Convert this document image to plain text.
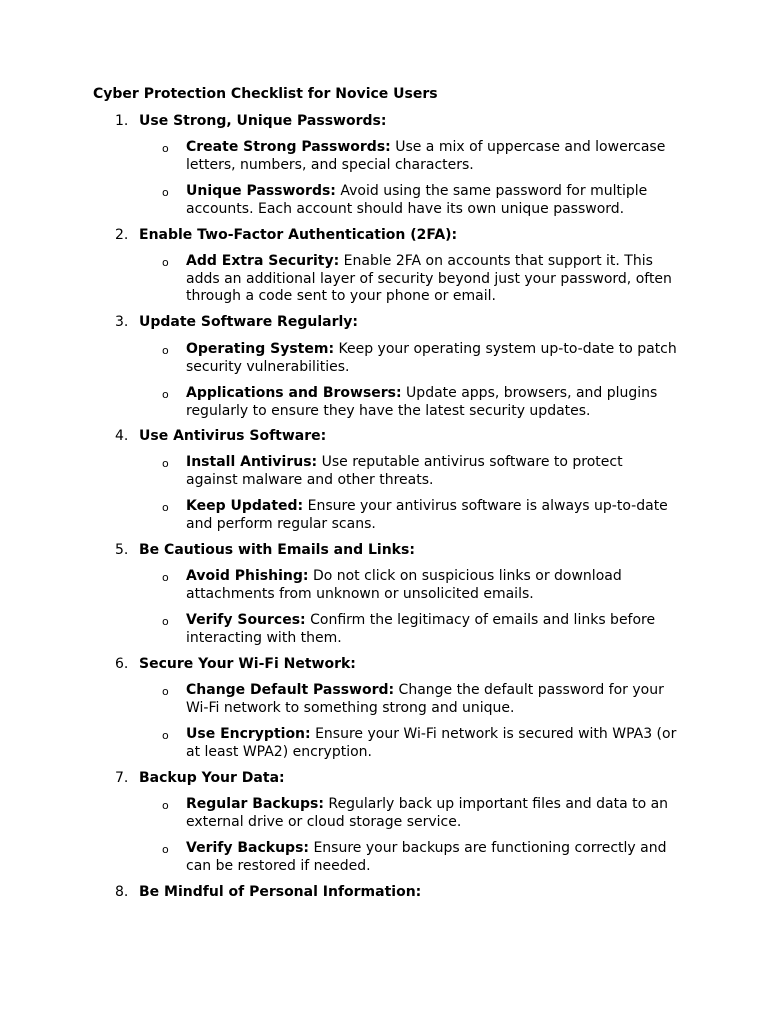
Cyber Protection Checklist for Novice Users
1. Use Strong, Unique Passwords:
o Create Strong Passwords: Use a mix of uppercase and lowercase letters, numbers, and special characters.
o Unique Passwords: Avoid using the same password for multiple accounts. Each account should have its own unique password.
2. Enable Two-Factor Authentication (2FA):
o Add Extra Security: Enable 2FA on accounts that support it. This adds an additional layer of security beyond just your password, often through a code sent to your phone or email.
3. Update Software Regularly:
o Operating System: Keep your operating system up-to-date to patch security vulnerabilities.
o Applications and Browsers: Update apps, browsers, and plugins regularly to ensure they have the latest security updates.
4. Use Antivirus Software:
o Install Antivirus: Use reputable antivirus software to protect against malware and other threats.
o Keep Updated: Ensure your antivirus software is always up-to-date and perform regular scans.
5. Be Cautious with Emails and Links:
o Avoid Phishing: Do not click on suspicious links or download attachments from unknown or unsolicited emails.
o Verify Sources: Confirm the legitimacy of emails and links before interacting with them.
6. Secure Your Wi-Fi Network:
o Change Default Password: Change the default password for your Wi-Fi network to something strong and unique.
o Use Encryption: Ensure your Wi-Fi network is secured with WPA3 (or at least WPA2) encryption.
7. Backup Your Data:
o Regular Backups: Regularly back up important files and data to an external drive or cloud storage service.
o Verify Backups: Ensure your backups are functioning correctly and can be restored if needed.
8. Be Mindful of Personal Information:
